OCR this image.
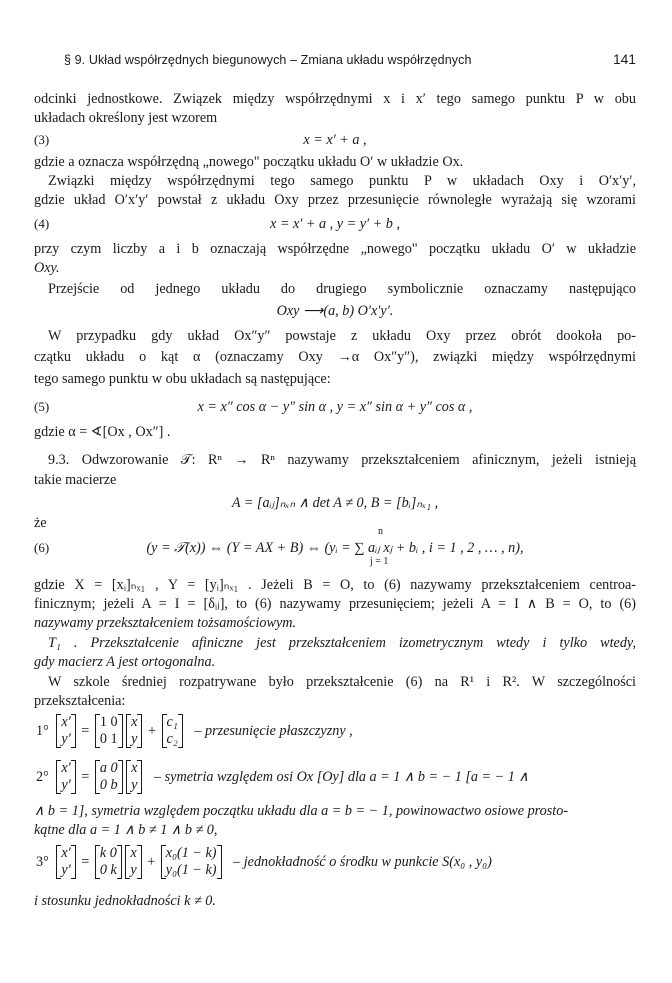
§ 9. Układ współrzędnych biegunowych – Zmiana układu współrzędnych	141
odcinki jednostkowe. Związek między współrzędnymi x i x′ tego samego punktu P w obu
układach określony jest wzorem
(3)	x = x′ + a ,
gdzie a oznacza współrzędną „nowego" początku układu O′ w układzie Ox.
Związki między współrzędnymi tego samego punktu P w układach Oxy i O′x′y′,
gdzie układ O′x′y′ powstał z układu Oxy przez przesunięcie równoległe wyrażają się wzorami
(4)	x = x′ + a , y = y′ + b ,
przy czym liczby a i b oznaczają współrzędne „nowego" początku układu O′ w układzie
Oxy.
Przejście od jednego układu do drugiego symbolicznie oznaczamy następująco
Oxy ⟶(a, b) O′x′y′.
W przypadku gdy układ Ox″y″ powstaje z układu Oxy przez obrót dookoła po-
czątku układu o kąt α (oznaczamy Oxy →α Ox″y″), związki między współrzędnymi
tego samego punktu w obu układach są następujące:
(5)	x = x″ cos α − y″ sin α , y = x″ sin α + y″ cos α ,
gdzie α = ∢[Ox , Ox″] .
9.3. Odwzorowanie 𝒯: Rⁿ → Rⁿ nazywamy przekształceniem afinicznym, jeżeli istnieją
takie macierze
A = [aᵢⱼ]ₙₓₙ ∧ det A ≠ 0, B = [bᵢ]ₙₓ₁ ,
że
n
(6)	(y = 𝒯(x)) ⇔ (Y = AX + B) ⇔ (yᵢ = ∑ aᵢⱼ xⱼ + bᵢ , i = 1 , 2 , … , n),
j = 1
gdzie X = [xᵢ]ₙₓ₁ , Y = [yᵢ]ₙₓ₁ . Jeżeli B = O, to (6) nazywamy przekształceniem centroa-
finicznym; jeżeli A = I = [δᵢⱼ], to (6) nazywamy przesunięciem; jeżeli A = I ∧ B = O, to (6)
nazywamy przekształceniem tożsamościowym.
T₁ . Przekształcenie afiniczne jest przekształceniem izometrycznym wtedy i tylko wtedy,
gdy macierz A jest ortogonalna.
W szkole średniej rozpatrywane było przekształcenie (6) na R¹ i R². W szczególności
przekształcenia:
1°
x′
y′
=
1 0
0 1

x
y
+
c₁
c₂
– przesunięcie płaszczyzny ,
2°
x′
y′
=
a 0
0 b

x
y
– symetria względem osi Ox [Oy] dla a = 1 ∧ b = − 1 [a = − 1 ∧
∧ b = 1], symetria względem początku układu dla a = b = − 1, powinowactwo osiowe prosto-
kątne dla a = 1 ∧ b ≠ 1 ∧ b ≠ 0,
3°
x′
y′
=
k 0
0 k

x
y
+
x₀(1 − k)
y₀(1 − k)
– jednokładność o środku w punkcie S(x₀ , y₀)
i stosunku jednokładności k ≠ 0.
